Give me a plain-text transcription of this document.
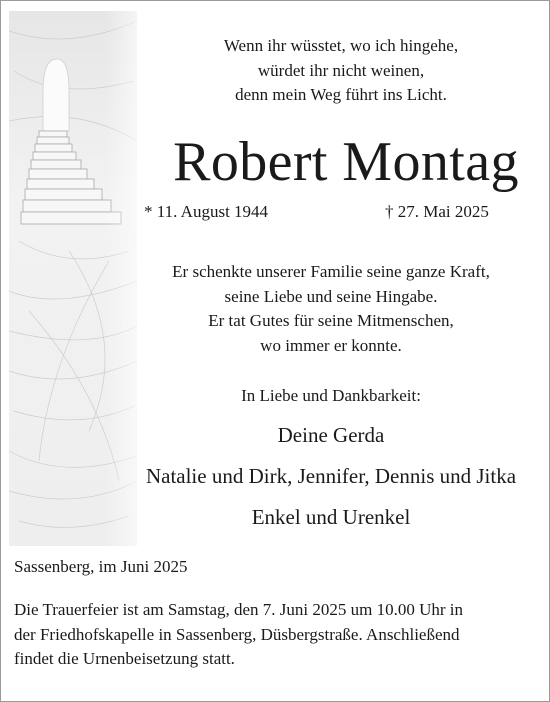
Wenn ihr wüsstet, wo ich hingehe,
würdet ihr nicht weinen,
denn mein Weg führt ins Licht.
Robert Montag
* 11. August 1944	† 27. Mai 2025
Er schenkte unserer Familie seine ganze Kraft,
seine Liebe und seine Hingabe.
Er tat Gutes für seine Mitmenschen,
wo immer er konnte.
In Liebe und Dankbarkeit:
Deine Gerda
Natalie und Dirk, Jennifer, Dennis und Jitka
Enkel und Urenkel
Sassenberg, im Juni 2025
Die Trauerfeier ist am Samstag, den 7. Juni 2025 um 10.00 Uhr in
der Friedhofskapelle in Sassenberg, Düsbergstraße. Anschließend
findet die Urnenbeisetzung statt.
